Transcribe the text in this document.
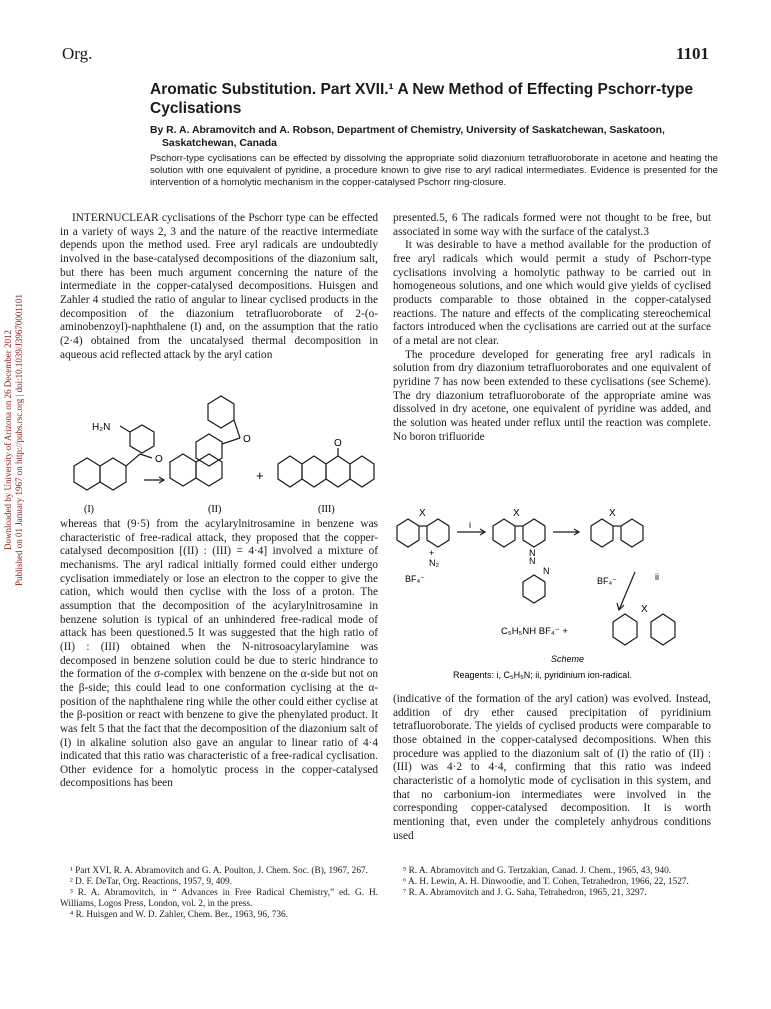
Org.	1101
Aromatic Substitution. Part XVII.¹ A New Method of Effecting Pschorr-type Cyclisations
By R. A. Abramovitch and A. Robson, Department of Chemistry, University of Saskatchewan, Saskatoon,
Saskatchewan, Canada
Pschorr-type cyclisations can be effected by dissolving the appropriate solid diazonium tetrafluoroborate in acetone and heating the solution with one equivalent of pyridine, a procedure known to give rise to aryl radical intermediates. Evidence is presented for the intervention of a homolytic mechanism in the copper-catalysed Pschorr ring-closure.
Downloaded by University of Arizona on 26 December 2012 Published on 01 January 1967 on http://pubs.rsc.org | doi:10.1039/J39670001101

INTERNUCLEAR cyclisations of the Pschorr type can be effected in a variety of ways 2, 3 and the nature of the reactive intermediate depends upon the method used. Free aryl radicals are undoubtedly involved in the base-catalysed decompositions of the diazonium salt, but there has been much argument concerning the nature of the intermediate in the copper-catalysed decompositions. Huisgen and Zahler 4 studied the ratio of angular to linear cyclised products in the decomposition of the diazonium tetrafluoroborate of 2-(o-aminobenzoyl)-naphthalene (I) and, on the assumption that the ratio (2·4) obtained from the uncatalysed thermal decomposition in aqueous acid reflected attack by the aryl cation

H₂N
O
O	O
+
(I)	(II)	(III)

whereas that (9·5) from the acylarylnitrosamine in benzene was characteristic of free-radical attack, they proposed that the copper-catalysed decomposition [(II) : (III) = 4·4] involved a mixture of mechanisms. The aryl radical initially formed could either undergo cyclisation immediately or lose an electron to the copper to give the cation, which would then cyclise with the loss of a proton. The assumption that the decomposition of the acylarylnitrosamine in benzene solution is typical of an unhindered free-radical mode of attack has been questioned.5 It was suggested that the high ratio of (II) : (III) obtained when the N-nitrosoacylarylamine was decomposed in benzene solution could be due to steric hindrance to the formation of the σ-complex with benzene on the α-side but not on the β-side; this could lead to one conformation cyclising at the α-position of the naphthalene ring while the other could either cyclise at the β-position or react with benzene to give the phenylated product. It was felt 5 that the fact that the decomposition of the diazonium salt of (I) in alkaline solution also gave an angular to linear ratio of 4·4 indicated that this ratio was characteristic of a free-radical cyclisation. Other evidence for a homolytic process in the copper-catalysed decompositions has been

presented.5, 6 The radicals formed were not thought to be free, but associated in some way with the surface of the catalyst.3

It was desirable to have a method available for the production of free aryl radicals which would permit a study of Pschorr-type cyclisations involving a homolytic pathway to be carried out in homogeneous solutions, and one which would give yields of cyclised products comparable to those obtained in the copper-catalysed reactions. The nature and effects of the complicating stereochemical factors introduced when the cyclisations are carried out at the surface of a metal are not clear.

The procedure developed for generating free aryl radicals in solution from dry diazonium tetrafluoroborates and one equivalent of pyridine 7 has now been extended to these cyclisations (see Scheme). The dry diazonium tetrafluoroborate of the appropriate amine was dissolved in dry acetone, one equivalent of pyridine was added, and the solution was heated under reflux until the reaction was complete. No boron trifluoride

X	X	X
X
+
N₂
BF₄⁻
i
N
N
N
BF₄⁻	ii
C₅H₅NH BF₄⁻ +
Scheme
Reagents: i, C₅H₅N; ii, pyridinium ion-radical.

(indicative of the formation of the aryl cation) was evolved. Instead, addition of dry ether caused precipitation of pyridinium tetrafluoroborate. The yields of cyclised products were comparable to those obtained in the copper-catalysed decompositions. When this procedure was applied to the diazonium salt of (I) the ratio of (II) : (III) was 4·2 to 4·4, confirming that this ratio was indeed characteristic of a homolytic mode of cyclisation in this system, and that no carbonium-ion intermediates were involved in the corresponding copper-catalysed decomposition. It is worth mentioning that, even under the completely anhydrous conditions used

¹ Part XVI, R. A. Abramovitch and G. A. Poulton, J. Chem. Soc. (B), 1967, 267.

² D. F. DeTar, Org. Reactions, 1957, 9, 409.

³ R. A. Abramovitch, in “ Advances in Free Radical Chemistry,” ed. G. H. Williams, Logos Press, London, vol. 2, in the press.

⁴ R. Huisgen and W. D. Zahler, Chem. Ber., 1963, 96, 736.

⁵ R. A. Abramovitch and G. Tertzakian, Canad. J. Chem., 1965, 43, 940.

⁶ A. H. Lewin, A. H. Dinwoodie, and T. Cohen, Tetrahedron, 1966, 22, 1527.

⁷ R. A. Abramovitch and J. G. Saha, Tetrahedron, 1965, 21, 3297.
